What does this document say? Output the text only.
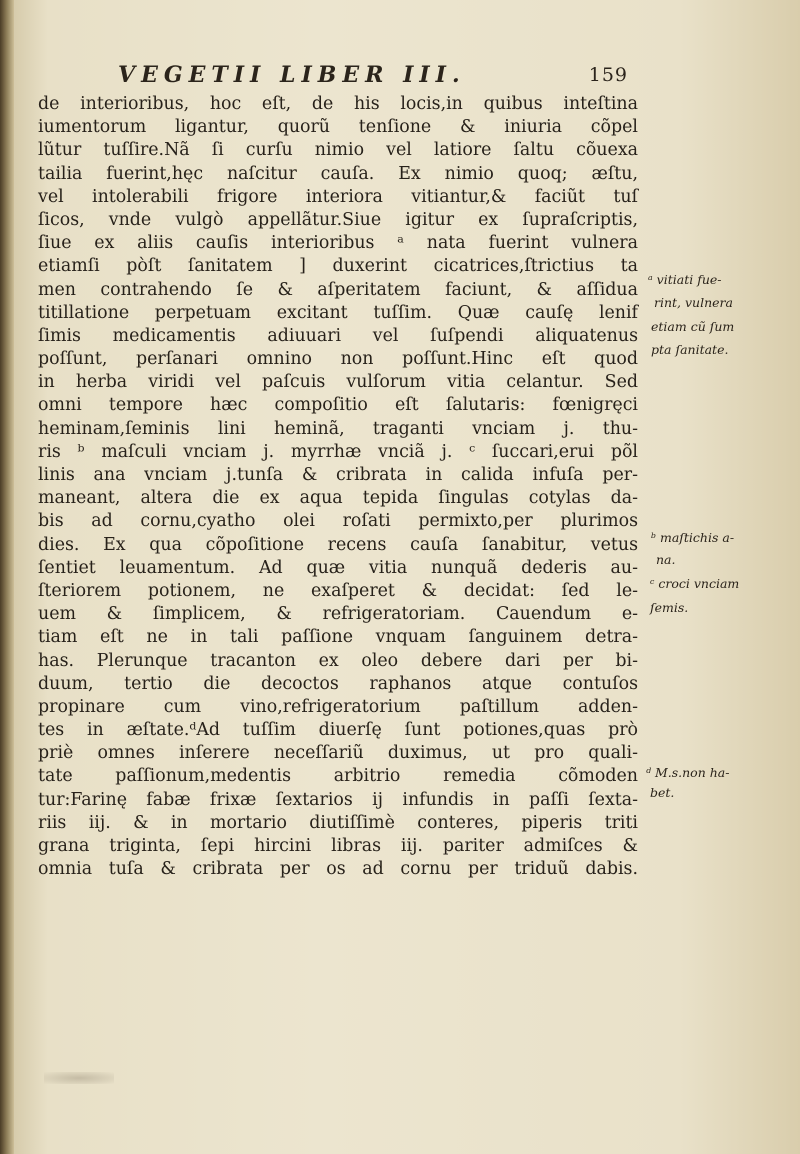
VEGETII LIBER III.	159
de interioribus, hoc eſt, de his locis,in quibus inteſtina
iumentorum ligantur, quorũ tenſione & iniuria cõpel
lũtur tuſſire.Nã ſi curſu nimio vel latiore ſaltu cõuexa
tailia fuerint,hęc naſcitur cauſa. Ex nimio quoq; æſtu,
vel intolerabili frigore interiora vitiantur,& faciũt tuſ
ſicos, vnde vulgò appellãtur.Siue igitur ex ſupraſcriptis,
ſiue ex aliis cauſis interioribus ᵃ nata fuerint vulnera
etiamſi pòſt ſanitatem ] duxerint cicatrices,ſtrictius ta
men contrahendo ſe & aſperitatem faciunt, & aſſidua
titillatione perpetuam excitant tuſſim. Quæ cauſę lenif
ſimis medicamentis adiuuari vel ſuſpendi aliquatenus
poſſunt, perſanari omnino non poſſunt.Hinc eſt quod
in herba viridi vel paſcuis vulſorum vitia celantur. Sed
omni tempore hæc compoſitio eſt ſalutaris: fœnigręci
heminam,ſeminis lini heminã, traganti vnciam j. thu-
ris ᵇ maſculi vnciam j. myrrhæ vnciã j. ᶜ ſuccari,erui põl
linis ana vnciam j.tunſa & cribrata in calida infuſa per-
maneant, altera die ex aqua tepida ſingulas cotylas da-
bis ad cornu,cyatho olei roſati permixto,per plurimos
dies. Ex qua cõpoſitione recens cauſa ſanabitur, vetus
ſentiet leuamentum. Ad quæ vitia nunquã dederis au-
ſteriorem potionem, ne exaſperet & decidat: ſed le-
uem & ſimplicem, & refrigeratoriam. Cauendum e-
tiam eſt ne in tali paſſione vnquam ſanguinem detra-
has. Plerunque tracanton ex oleo debere dari per bi-
duum, tertio die decoctos raphanos atque contuſos
propinare cum vino,refrigeratorium paſtillum adden-
tes in æſtate.ᵈAd tuſſim diuerſę ſunt potiones,quas prò
priè omnes inſerere neceſſariũ duximus, ut pro quali-
tate paſſionum,medentis arbitrio remedia cõmoden
tur:Farinę fabæ frixæ ſextarios ij infundis in paſſi ſexta-
riis iij. & in mortario diutiſſimè conteres, piperis triti
grana triginta, ſepi hircini libras iij. pariter admiſces &
omnia tuſa & cribrata per os ad cornu per triduũ dabis.
ᵃ vitiati fue-
rint, vulnera
etiam cũ ſum
pta ſanitate.
ᵇ maſtichis a-
na.
ᶜ croci vnciam
ſemis.
ᵈ M.s.non ha-
bet.
